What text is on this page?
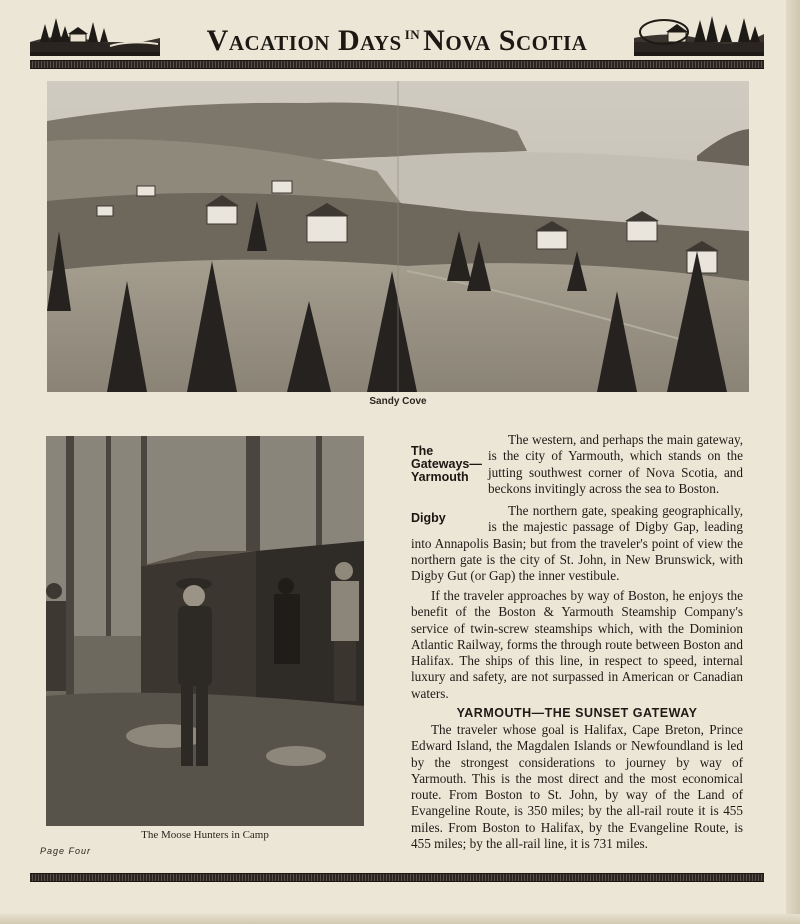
Vacation Days $^{IN}$ Nova Scotia
Sandy Cove
The Moose Hunters in Camp
Page Four
The
Gateways—
Yarmouth
The western, and perhaps the main gateway, is the city of Yarmouth, which stands on the jutting southwest corner of Nova Scotia, and beckons invitingly across the sea to Boston.
Digby	The northern gate, speaking geographically, is the majestic passage of Digby Gap, leading into Annapolis Basin; but from the traveler's point of view the northern gate is the city of St. John, in New Brunswick, with Digby Gut (or Gap) the inner vestibule.
If the traveler approaches by way of Boston, he enjoys the benefit of the Boston & Yarmouth Steamship Company's service of twin-screw steamships which, with the Dominion Atlantic Railway, forms the through route between Boston and Halifax. The ships of this line, in respect to speed, internal luxury and safety, are not surpassed in American or Canadian waters.
YARMOUTH—THE SUNSET GATEWAY
The traveler whose goal is Halifax, Cape Breton, Prince Edward Island, the Magdalen Islands or Newfoundland is led by the strongest considerations to journey by way of Yarmouth. This is the most direct and the most economical route. From Boston to St. John, by way of the Land of Evangeline Route, is 350 miles; by the all-rail route it is 455 miles. From Boston to Halifax, by the Evangeline Route, is 455 miles; by the all-rail line, it is 731 miles.
